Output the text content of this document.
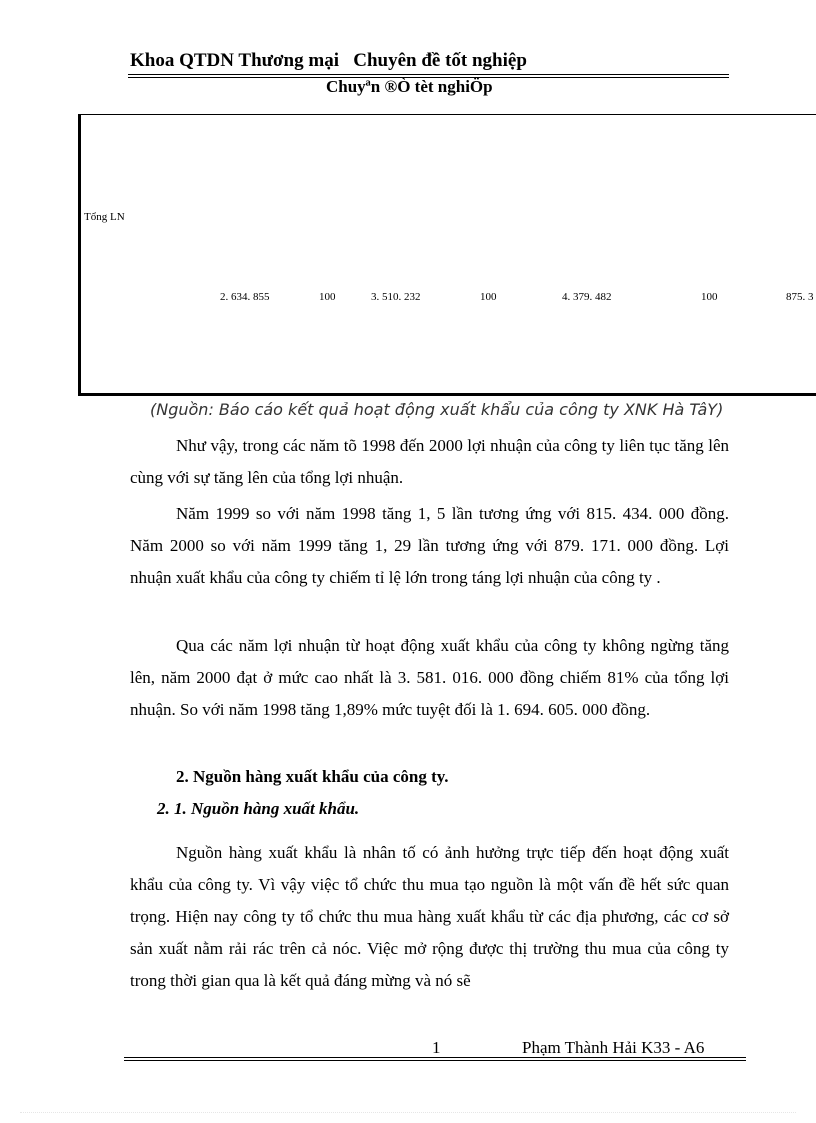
Khoa QTDN Thương mại Chuyên đề tốt nghiệp
Chuyªn ®Ò tèt nghiÖp
Tổng LN
2. 634. 855	100	3. 510. 232	100	4. 379. 482	100	875. 3
(Nguồn: Báo cáo kết quả hoạt động xuất khẩu của công ty XNK Hà TâY)

Như vậy, trong các năm tõ 1998 đến 2000 lợi nhuận của công ty liên tục tăng lên cùng với sự tăng lên của tổng lợi nhuận.

Năm 1999 so với năm 1998 tăng 1, 5 lần tương ứng với 815. 434. 000 đồng. Năm 2000 so với năm 1999 tăng 1, 29 lần tương ứng với 879. 171. 000 đồng. Lợi nhuận xuất khẩu của công ty chiếm tỉ lệ lớn trong táng lợi nhuận của công ty .

Qua các năm lợi nhuận từ hoạt động xuất khẩu của công ty không ngừng tăng lên, năm 2000 đạt ở mức cao nhất là 3. 581. 016. 000 đồng chiếm 81% của tổng lợi nhuận. So với năm 1998 tăng 1,89% mức tuyệt đối là 1. 694. 605. 000 đồng.

2. Nguồn hàng xuất khẩu của công ty.
2. 1. Nguồn hàng xuất khẩu.

Nguồn hàng xuất khẩu là nhân tố có ảnh hưởng trực tiếp đến hoạt động xuất khẩu của công ty. Vì vậy việc tổ chức thu mua tạo nguồn là một vấn đề hết sức quan trọng. Hiện nay công ty tổ chức thu mua hàng xuất khẩu từ các địa phương, các cơ sở sản xuất nằm rải rác trên cả nóc. Việc mở rộng được thị trường thu mua của công ty trong thời gian qua là kết quả đáng mừng và nó sẽ

1	Phạm Thành Hải K33 - A6
